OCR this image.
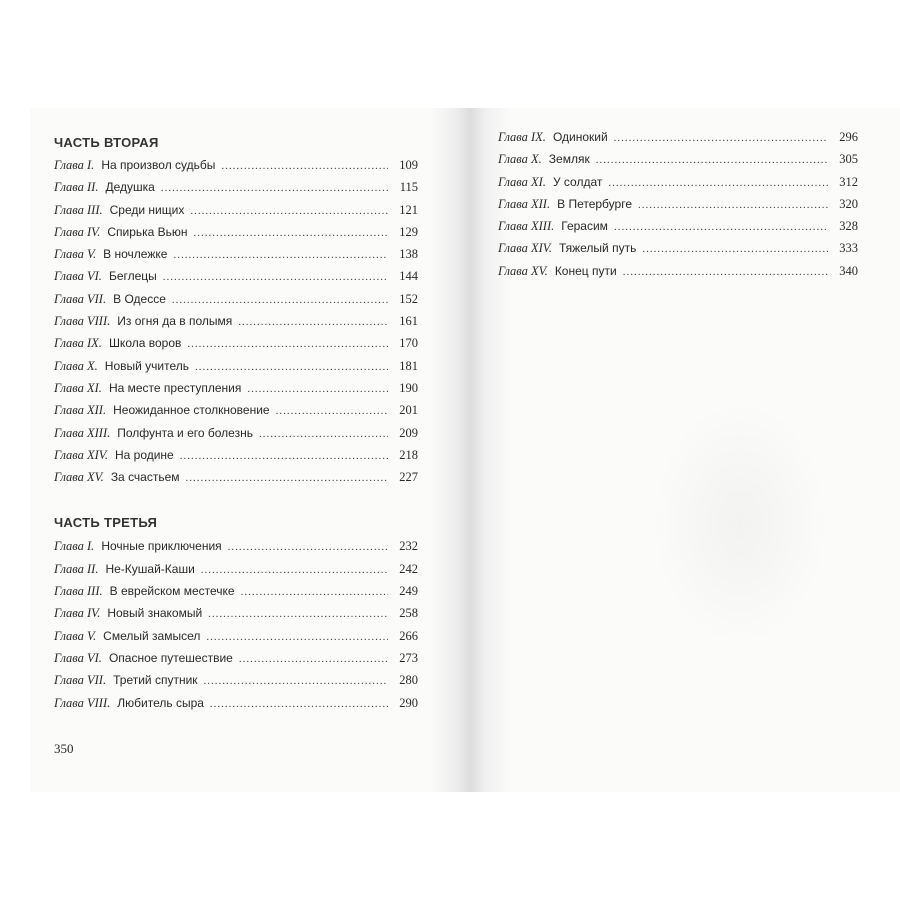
ЧАСТЬ ВТОРАЯ
Глава I. На произвол судьбы .....	109
Глава II. Дедушка .....	115
Глава III. Среди нищих .....	121
Глава IV. Спирька Вьюн .....	129
Глава V. В ночлежке .....	138
Глава VI. Беглецы .....	144
Глава VII. В Одессе .....	152
Глава VIII. Из огня да в полымя .....	161
Глава IX. Школа воров .....	170
Глава X. Новый учитель .....	181
Глава XI. На месте преступления .....	190
Глава XII. Неожиданное столкновение .....	201
Глава XIII. Полфунта и его болезнь .....	209
Глава XIV. На родине .....	218
Глава XV. За счастьем .....	227
ЧАСТЬ ТРЕТЬЯ
Глава I. Ночные приключения .....	232
Глава II. Не-Кушай-Каши .....	242
Глава III. В еврейском местечке .....	249
Глава IV. Новый знакомый .....	258
Глава V. Смелый замысел .....	266
Глава VI. Опасное путешествие .....	273
Глава VII. Третий спутник .....	280
Глава VIII. Любитель сыра .....	290

350

Глава IX. Одинокий .....	296
Глава X. Земляк .....	305
Глава XI. У солдат .....	312
Глава XII. В Петербурге .....	320
Глава XIII. Герасим .....	328
Глава XIV. Тяжелый путь .....	333
Глава XV. Конец пути .....	340
